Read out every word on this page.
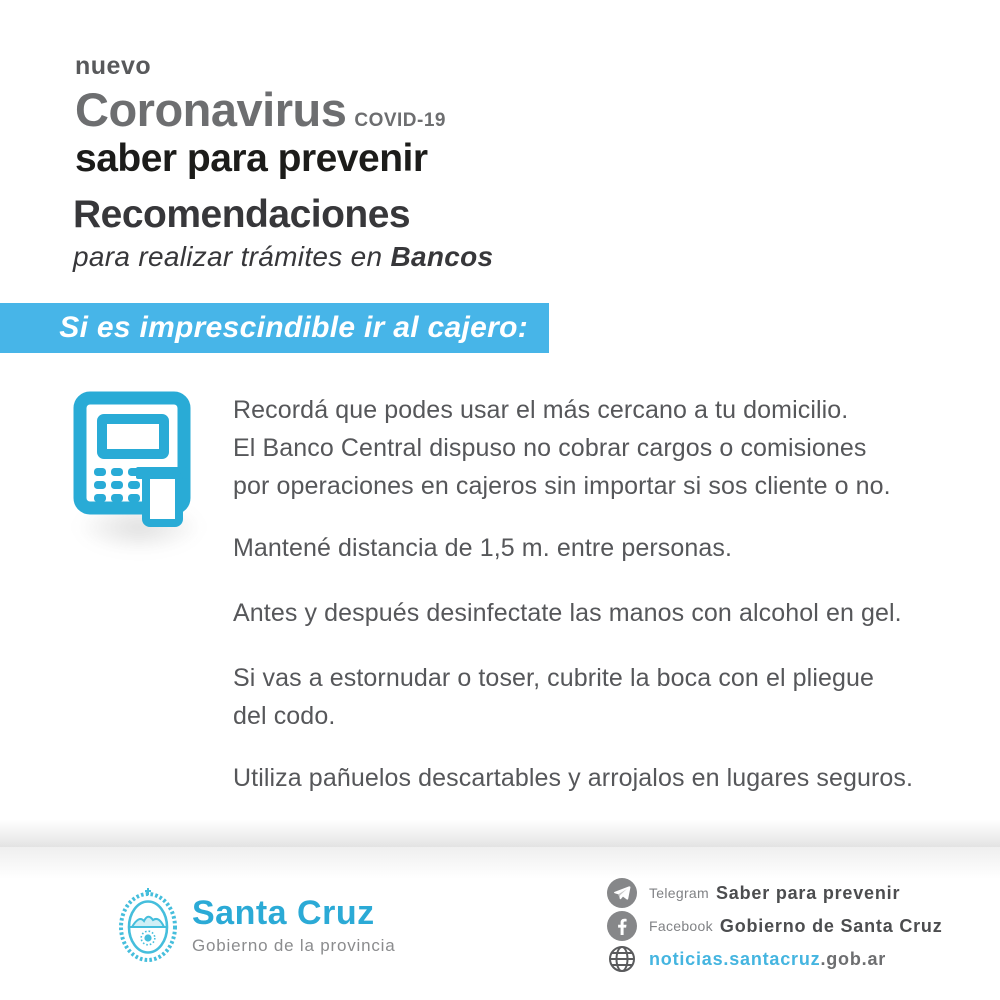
nuevo
Coronavirus COVID-19
saber para prevenir
Recomendaciones
para realizar trámites en Bancos
Si es imprescindible ir al cajero:
Recordá que podes usar el más cercano a tu domicilio.
El Banco Central dispuso no cobrar cargos o comisiones
por operaciones en cajeros sin importar si sos cliente o no.
Mantené distancia de 1,5 m. entre personas.
Antes y después desinfectate las manos con alcohol en gel.
Si vas a estornudar o toser, cubrite la boca con el pliegue
del codo.
Utiliza pañuelos descartables y arrojalos en lugares seguros.
Santa Cruz
Gobierno de la provincia
Telegram Saber para prevenir
Facebook Gobierno de Santa Cruz
noticias.santacruz .gob.ar
